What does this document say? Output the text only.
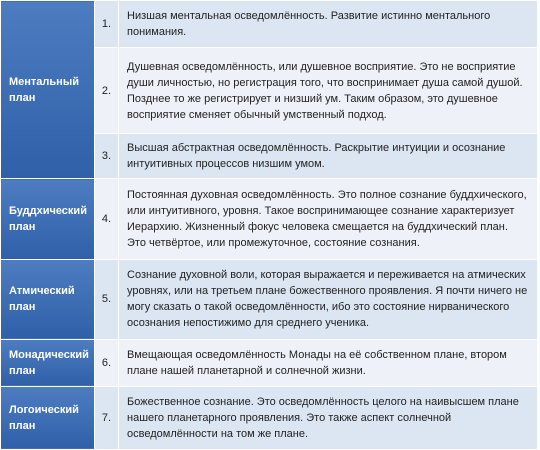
Ментальный план	1.	Низшая ментальная осведомлённость. Развитие истинно ментального понимания.

	2.	Душевная осведомлённость, или душевное восприятие. Это не восприятие души личностью, но регистрация того, что воспринимает душа самой душой. Позднее то же регистрирует и низший ум. Таким образом, это душевное восприятие сменяет обычный умственный подход.

	3.	Высшая абстрактная осведомлённость. Раскрытие интуиции и осознание интуитивных процессов низшим умом.

Буддхический план	4.	Постоянная духовная осведомлённость. Это полное сознание буддхического, или интуитивного, уровня. Такое воспринимающее сознание характеризует Иерархию. Жизненный фокус человека смещается на буддхический план. Это четвёртое, или промежуточное, состояние сознания.

Атмический план	5.	Сознание духовной воли, которая выражается и переживается на атмических уровнях, или на третьем плане божественного проявления. Я почти ничего не могу сказать о такой осведомлённости, ибо это состояние нирванического осознания непостижимо для среднего ученика.

Монадический план	6.	Вмещающая осведомлённость Монады на её собственном плане, втором плане нашей планетарной и солнечной жизни.

Логоический план	7.	Божественное сознание. Это осведомлённость целого на наивысшем плане нашего планетарного проявления. Это также аспект солнечной осведомлённости на том же плане.
